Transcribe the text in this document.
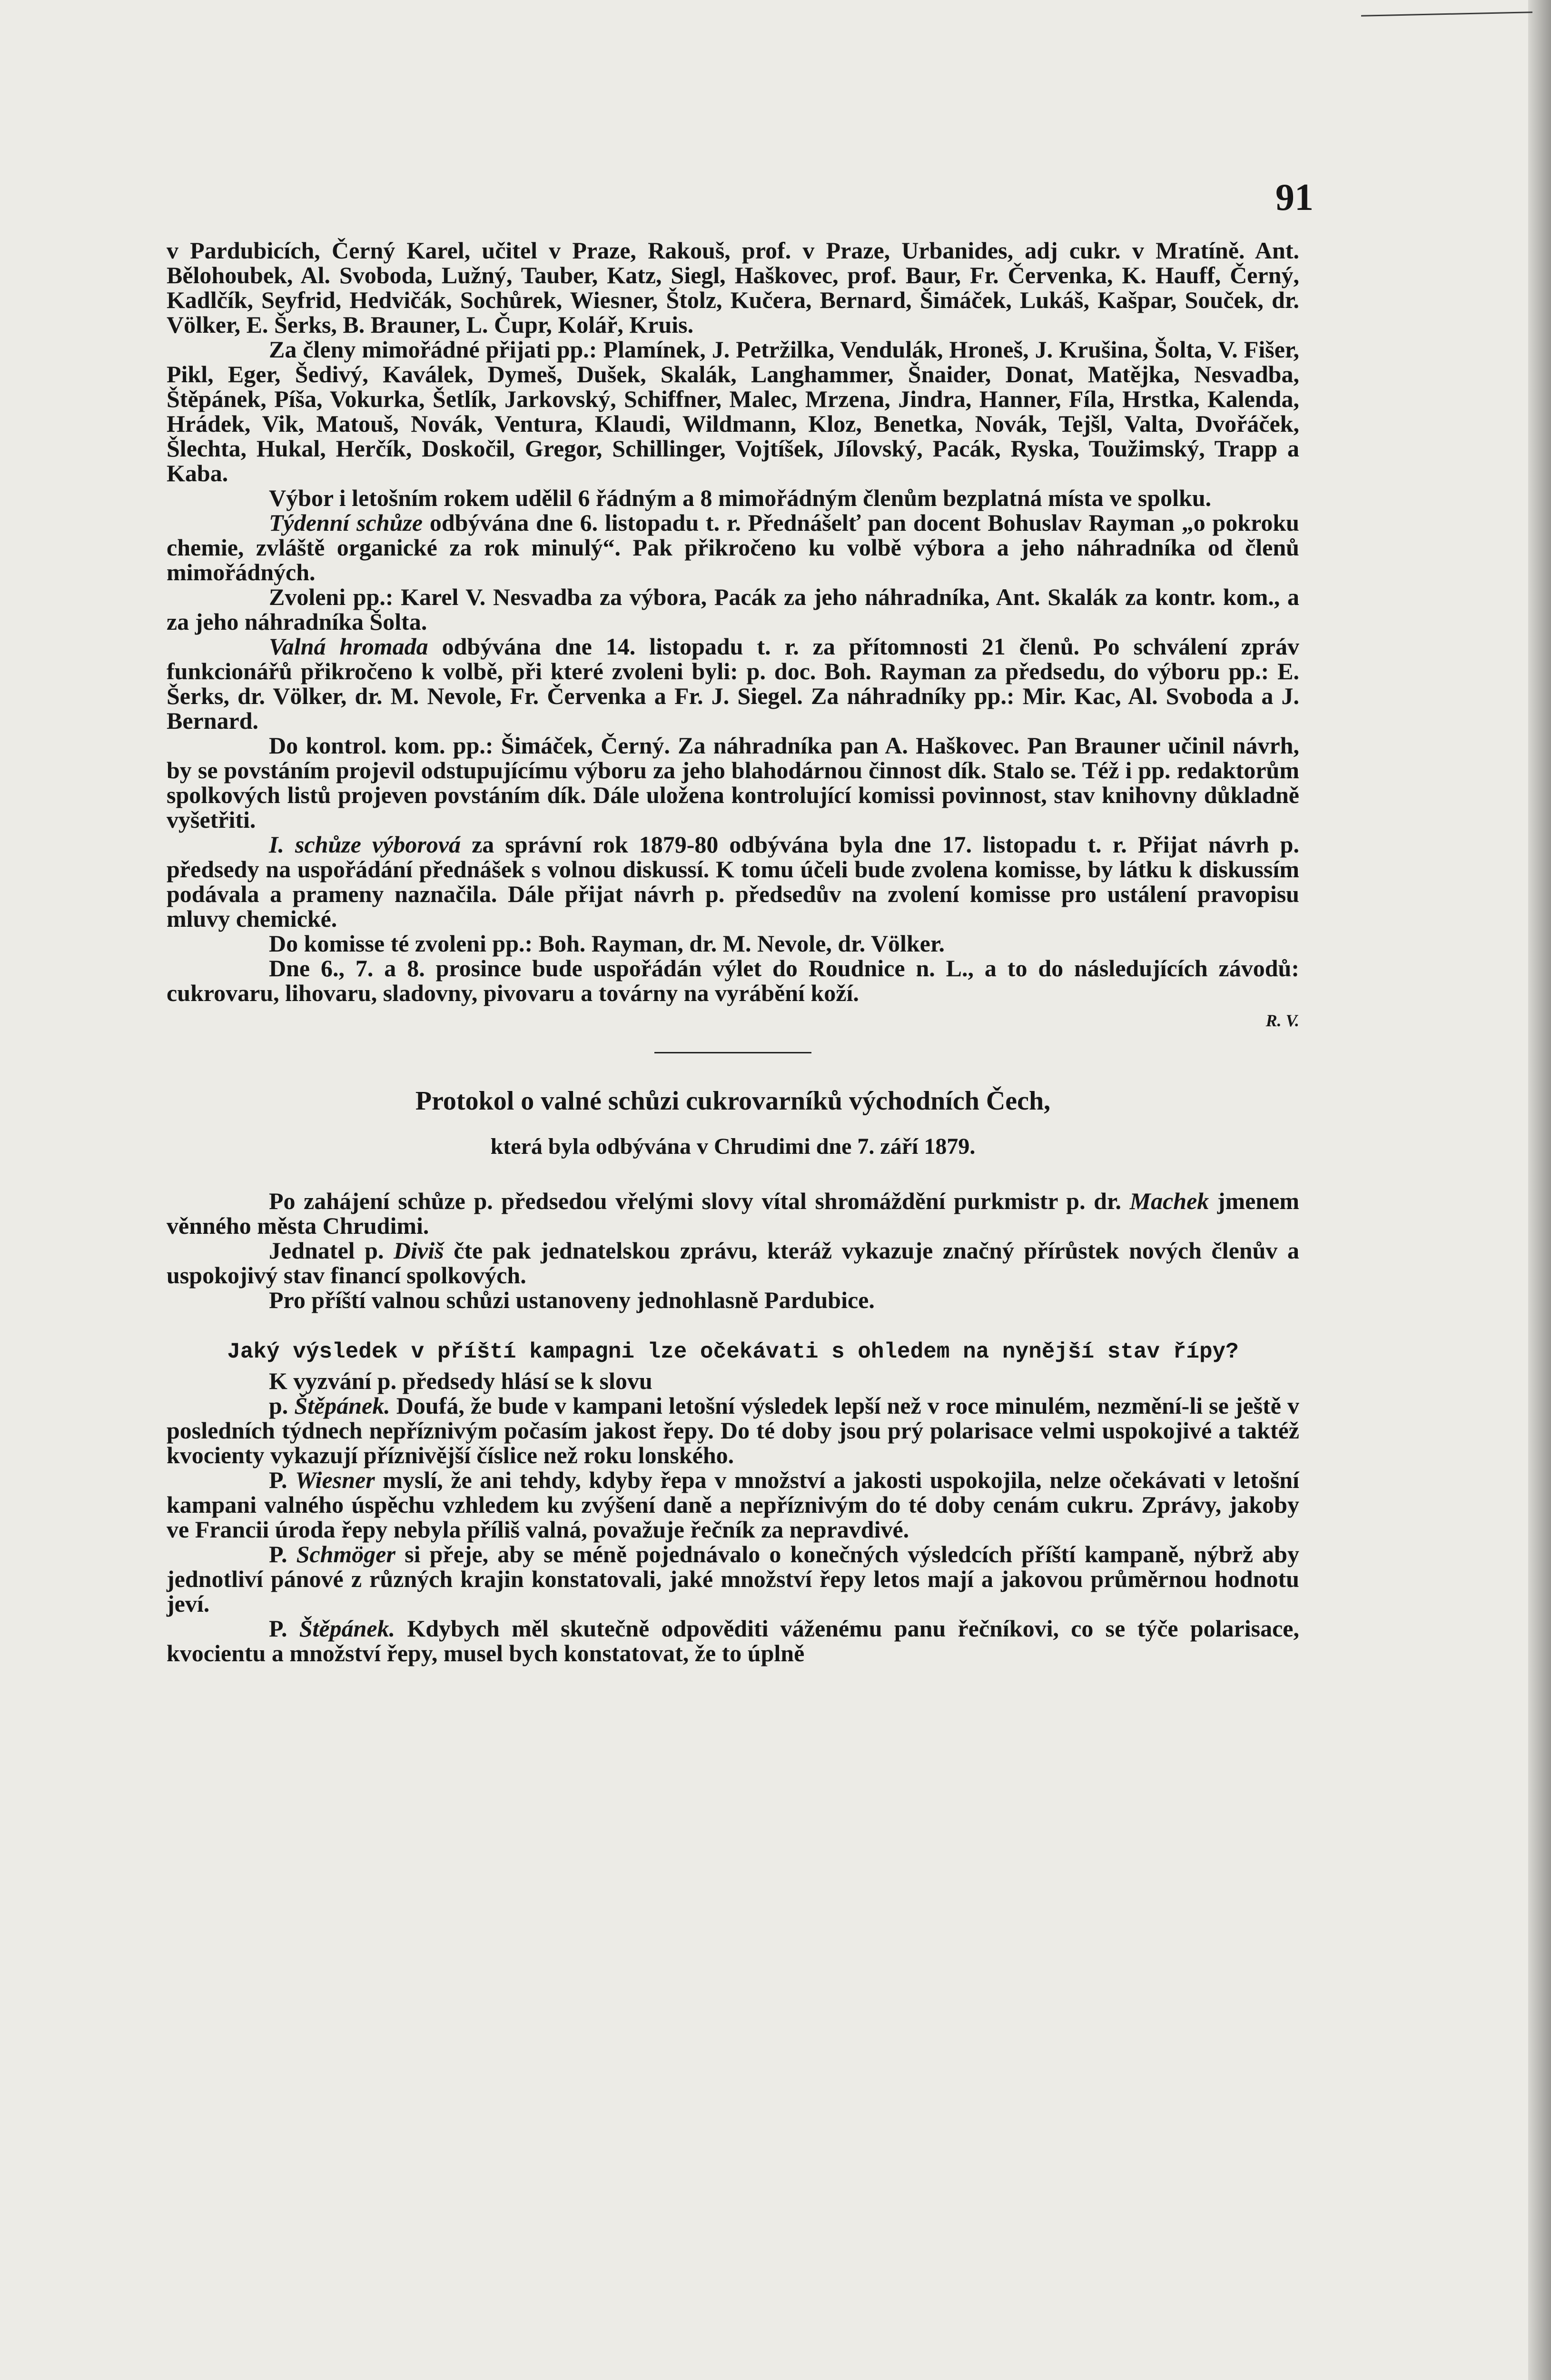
91

v Pardubicích, Černý Karel, učitel v Praze, Rakouš, prof. v Praze, Urbanides, adj cukr. v Mratíně. Ant. Bělohoubek, Al. Svoboda, Lužný, Tauber, Katz, Siegl, Haškovec, prof. Baur, Fr. Červenka, K. Hauff, Černý, Kadlčík, Seyfrid, Hedvičák, Sochůrek, Wiesner, Štolz, Kučera, Bernard, Šimáček, Lukáš, Kašpar, Souček, dr. Völker, E. Šerks, B. Brauner, L. Čupr, Kolář, Kruis.

Za členy mimořádné přijati pp.: Plamínek, J. Petržilka, Vendulák, Hroneš, J. Krušina, Šolta, V. Fišer, Pikl, Eger, Šedivý, Kaválek, Dymeš, Dušek, Skalák, Langhammer, Šnaider, Donat, Matějka, Nesvadba, Štěpánek, Píša, Vokurka, Šetlík, Jarkovský, Schiffner, Malec, Mrzena, Jindra, Hanner, Fíla, Hrstka, Kalenda, Hrádek, Vik, Matouš, Novák, Ventura, Klaudi, Wildmann, Kloz, Benetka, Novák, Tejšl, Valta, Dvořáček, Šlechta, Hukal, Herčík, Doskočil, Gregor, Schillinger, Vojtíšek, Jílovský, Pacák, Ryska, Toužimský, Trapp a Kaba.

Výbor i letošním rokem udělil 6 řádným a 8 mimořádným členům bezplatná místa ve spolku.

Týdenní schůze odbývána dne 6. listopadu t. r. Přednášelť pan docent Bohuslav Rayman „o pokroku chemie, zvláště organické za rok minulý“. Pak přikročeno ku volbě výbora a jeho náhradníka od členů mimořádných.

Zvoleni pp.: Karel V. Nesvadba za výbora, Pacák za jeho náhradníka, Ant. Skalák za kontr. kom., a za jeho náhradníka Šolta.

Valná hromada odbývána dne 14. listopadu t. r. za přítomnosti 21 členů. Po schválení zpráv funkcionářů přikročeno k volbě, při které zvoleni byli: p. doc. Boh. Rayman za předsedu, do výboru pp.: E. Šerks, dr. Völker, dr. M. Nevole, Fr. Červenka a Fr. J. Siegel. Za náhradníky pp.: Mir. Kac, Al. Svoboda a J. Bernard.

Do kontrol. kom. pp.: Šimáček, Černý. Za náhradníka pan A. Haškovec. Pan Brauner učinil návrh, by se povstáním projevil odstupujícímu výboru za jeho blahodárnou činnost dík. Stalo se. Též i pp. redaktorům spolkových listů projeven povstáním dík. Dále uložena kontrolující komissi povinnost, stav knihovny důkladně vyšetřiti.

I. schůze výborová za správní rok 1879-80 odbývána byla dne 17. listopadu t. r. Přijat návrh p. předsedy na uspořádání přednášek s volnou diskussí. K tomu účeli bude zvolena komisse, by látku k diskussím podávala a prameny naznačila. Dále přijat návrh p. předsedův na zvolení komisse pro ustálení pravopisu mluvy chemické.

Do komisse té zvoleni pp.: Boh. Rayman, dr. M. Nevole, dr. Völker.

Dne 6., 7. a 8. prosince bude uspořádán výlet do Roudnice n. L., a to do následujících závodů: cukrovaru, lihovaru, sladovny, pivovaru a továrny na vyrábění koží.

R. V.

Protokol o valné schůzi cukrovarníků východních Čech,

která byla odbývána v Chrudimi dne 7. září 1879.

Po zahájení schůze p. předsedou vřelými slovy vítal shromáždění purkmistr p. dr. Machek jmenem věnného města Chrudimi.

Jednatel p. Diviš čte pak jednatelskou zprávu, kteráž vykazuje značný přírůstek nových členův a uspokojivý stav financí spolkových.

Pro příští valnou schůzi ustanoveny jednohlasně Pardubice.

Jaký výsledek v příští kampagni lze očekávati s ohledem na nynější stav řípy?

K vyzvání p. předsedy hlásí se k slovu

p. Štěpánek. Doufá, že bude v kampani letošní výsledek lepší než v roce minulém, nezmění-li se ještě v posledních týdnech nepříznivým počasím jakost řepy. Do té doby jsou prý polarisace velmi uspokojivé a taktéž kvocienty vykazují příznivější číslice než roku lonského.

P. Wiesner myslí, že ani tehdy, kdyby řepa v množství a jakosti uspokojila, nelze očekávati v letošní kampani valného úspěchu vzhledem ku zvýšení daně a nepříznivým do té doby cenám cukru. Zprávy, jakoby ve Francii úroda řepy nebyla příliš valná, považuje řečník za nepravdivé.

P. Schmöger si přeje, aby se méně pojednávalo o konečných výsledcích příští kampaně, nýbrž aby jednotliví pánové z různých krajin konstatovali, jaké množství řepy letos mají a jakovou průměrnou hodnotu jeví.

P. Štěpánek. Kdybych měl skutečně odpověditi váženému panu řečníkovi, co se týče polarisace, kvocientu a množství řepy, musel bych konstatovat, že to úplně
